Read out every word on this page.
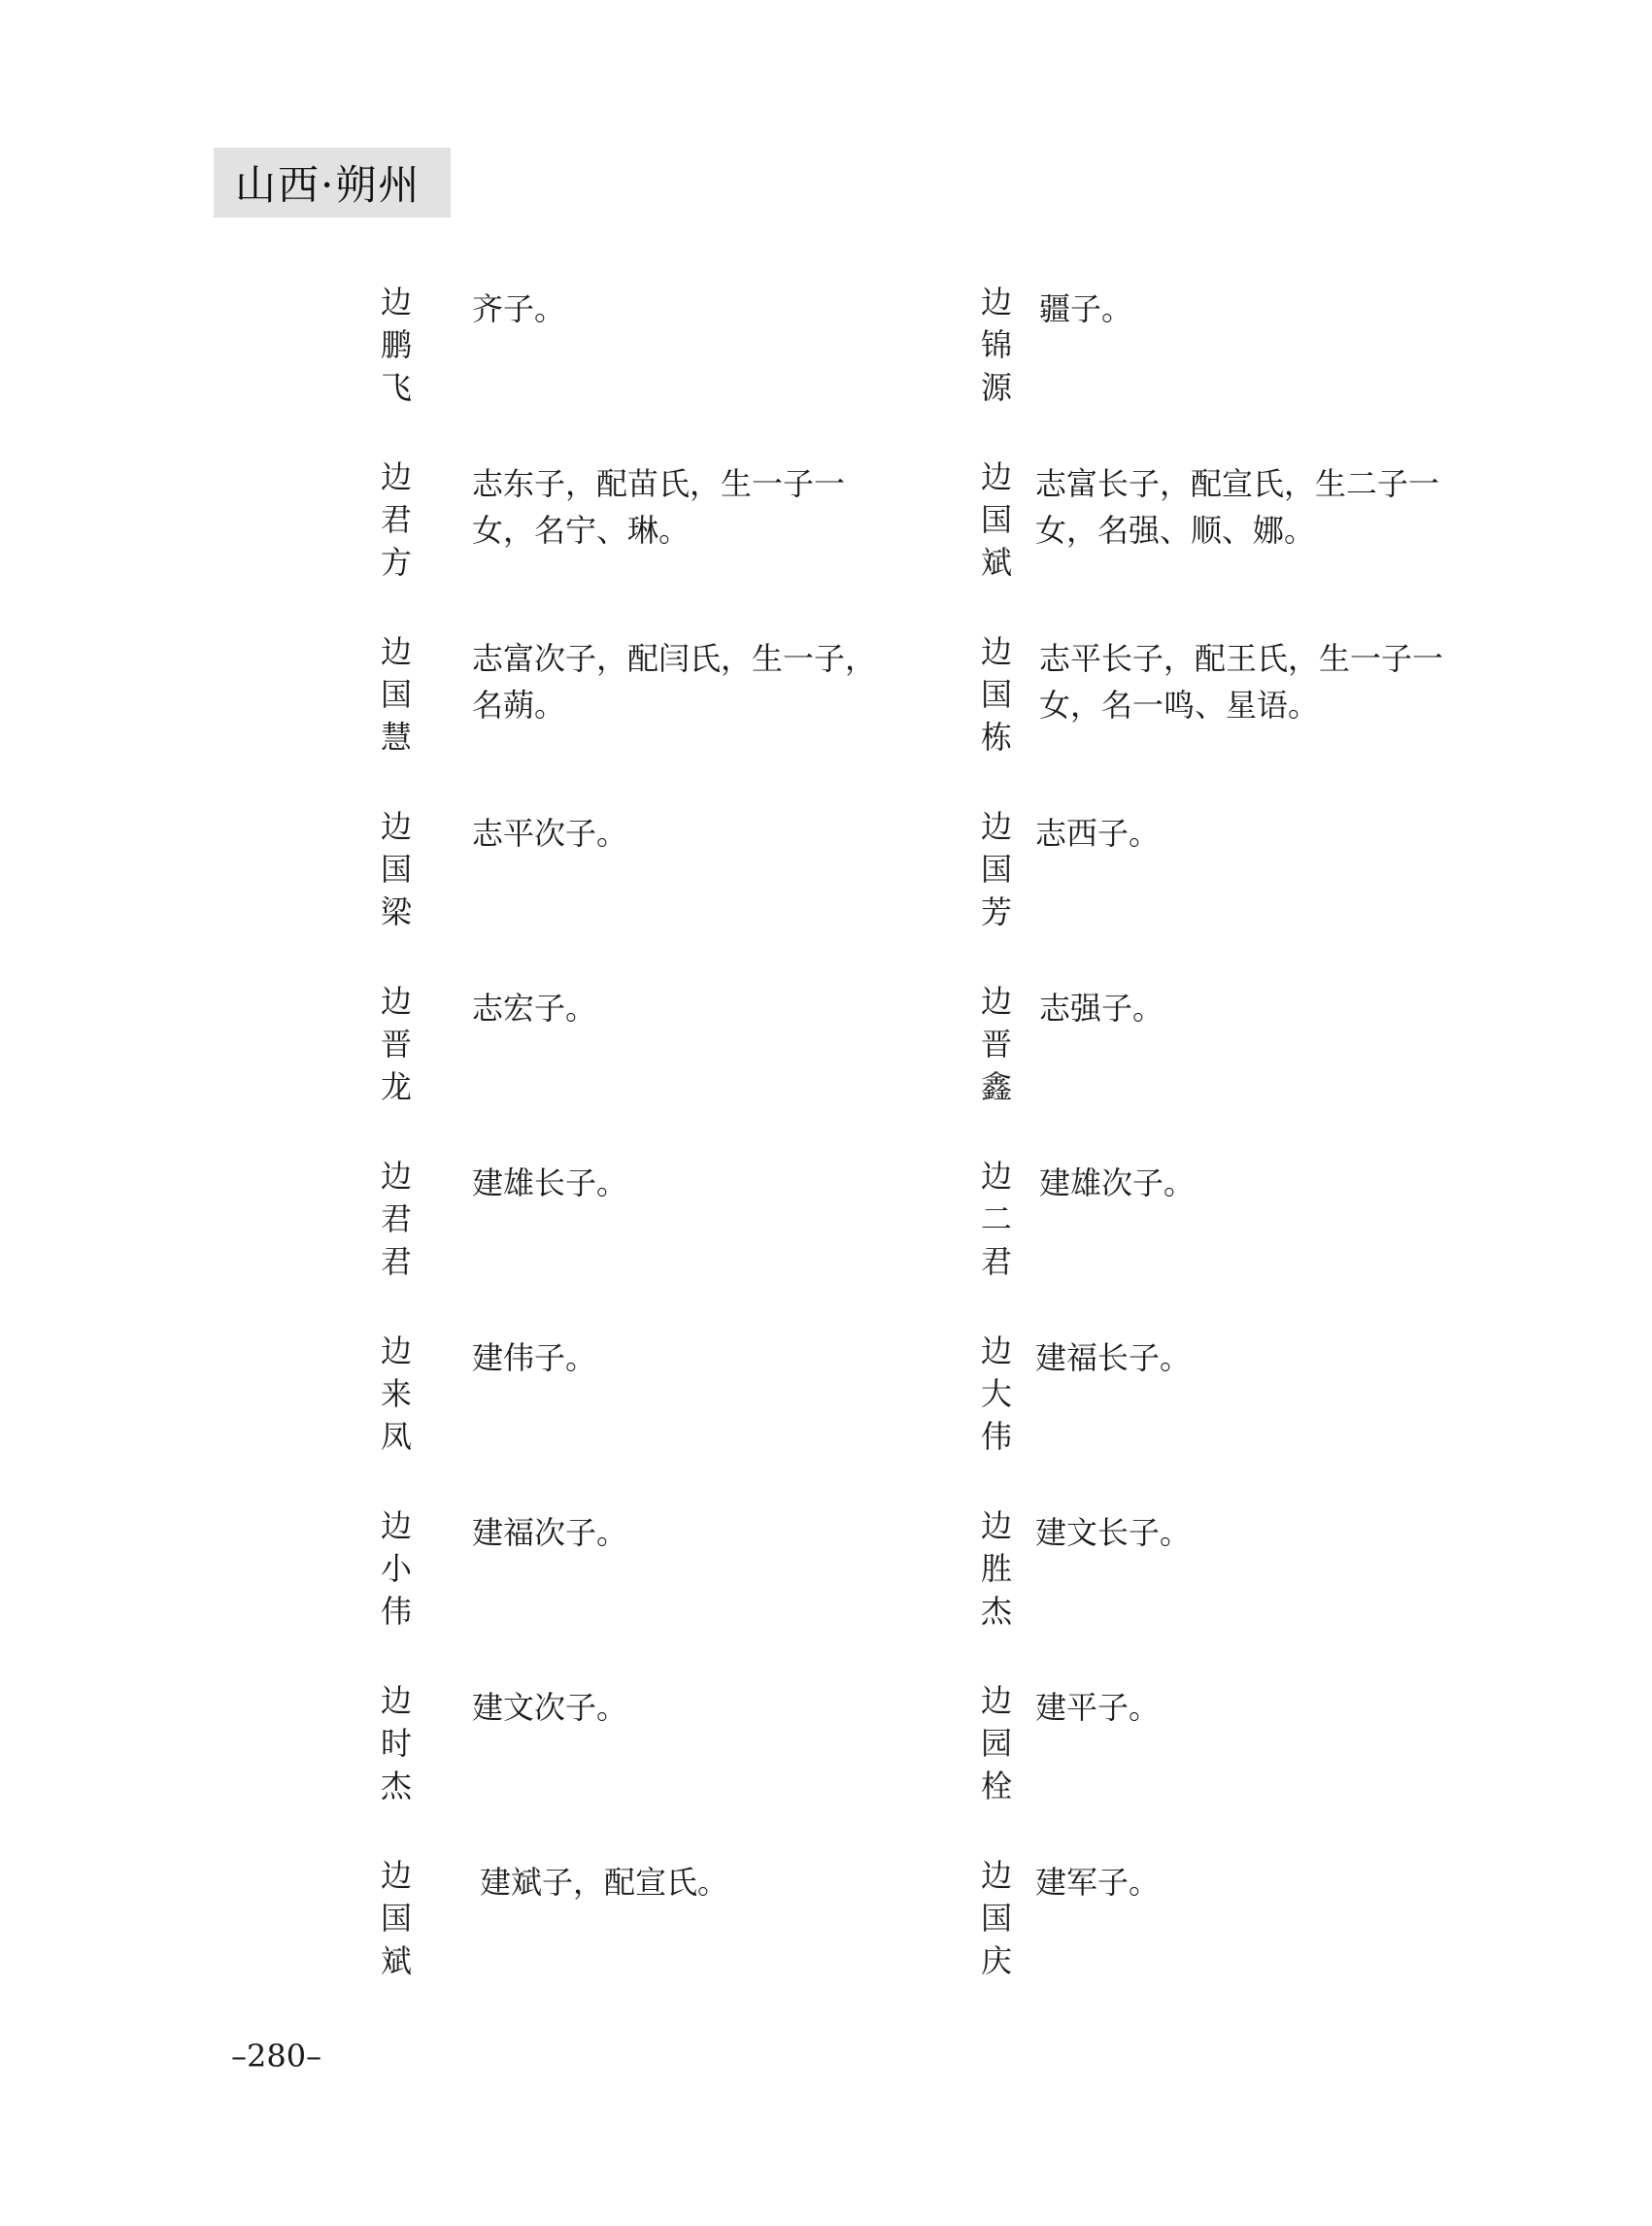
山西·朔州
边鹏飞 齐子。	边锦源 疆子。

边君方 志东子，配苗氏，生一子一女，名宁、琳。	边国斌 志富长子，配宣氏，生二子一女，名强、顺、娜。

边国慧 志富次子，配闫氏，生一子，名蒴。	边国栋 志平长子，配王氏，生一子一女，名一鸣、星语。

边国梁 志平次子。	边国芳 志西子。

边晋龙 志宏子。	边晋鑫 志强子。

边君君 建雄长子。	边二君 建雄次子。

边来凤 建伟子。	边大伟 建福长子。

边小伟 建福次子。	边胜杰 建文长子。

边时杰 建文次子。	边园栓 建平子。

边国斌 建斌子，配宣氏。	边国庆 建军子。

–280–
